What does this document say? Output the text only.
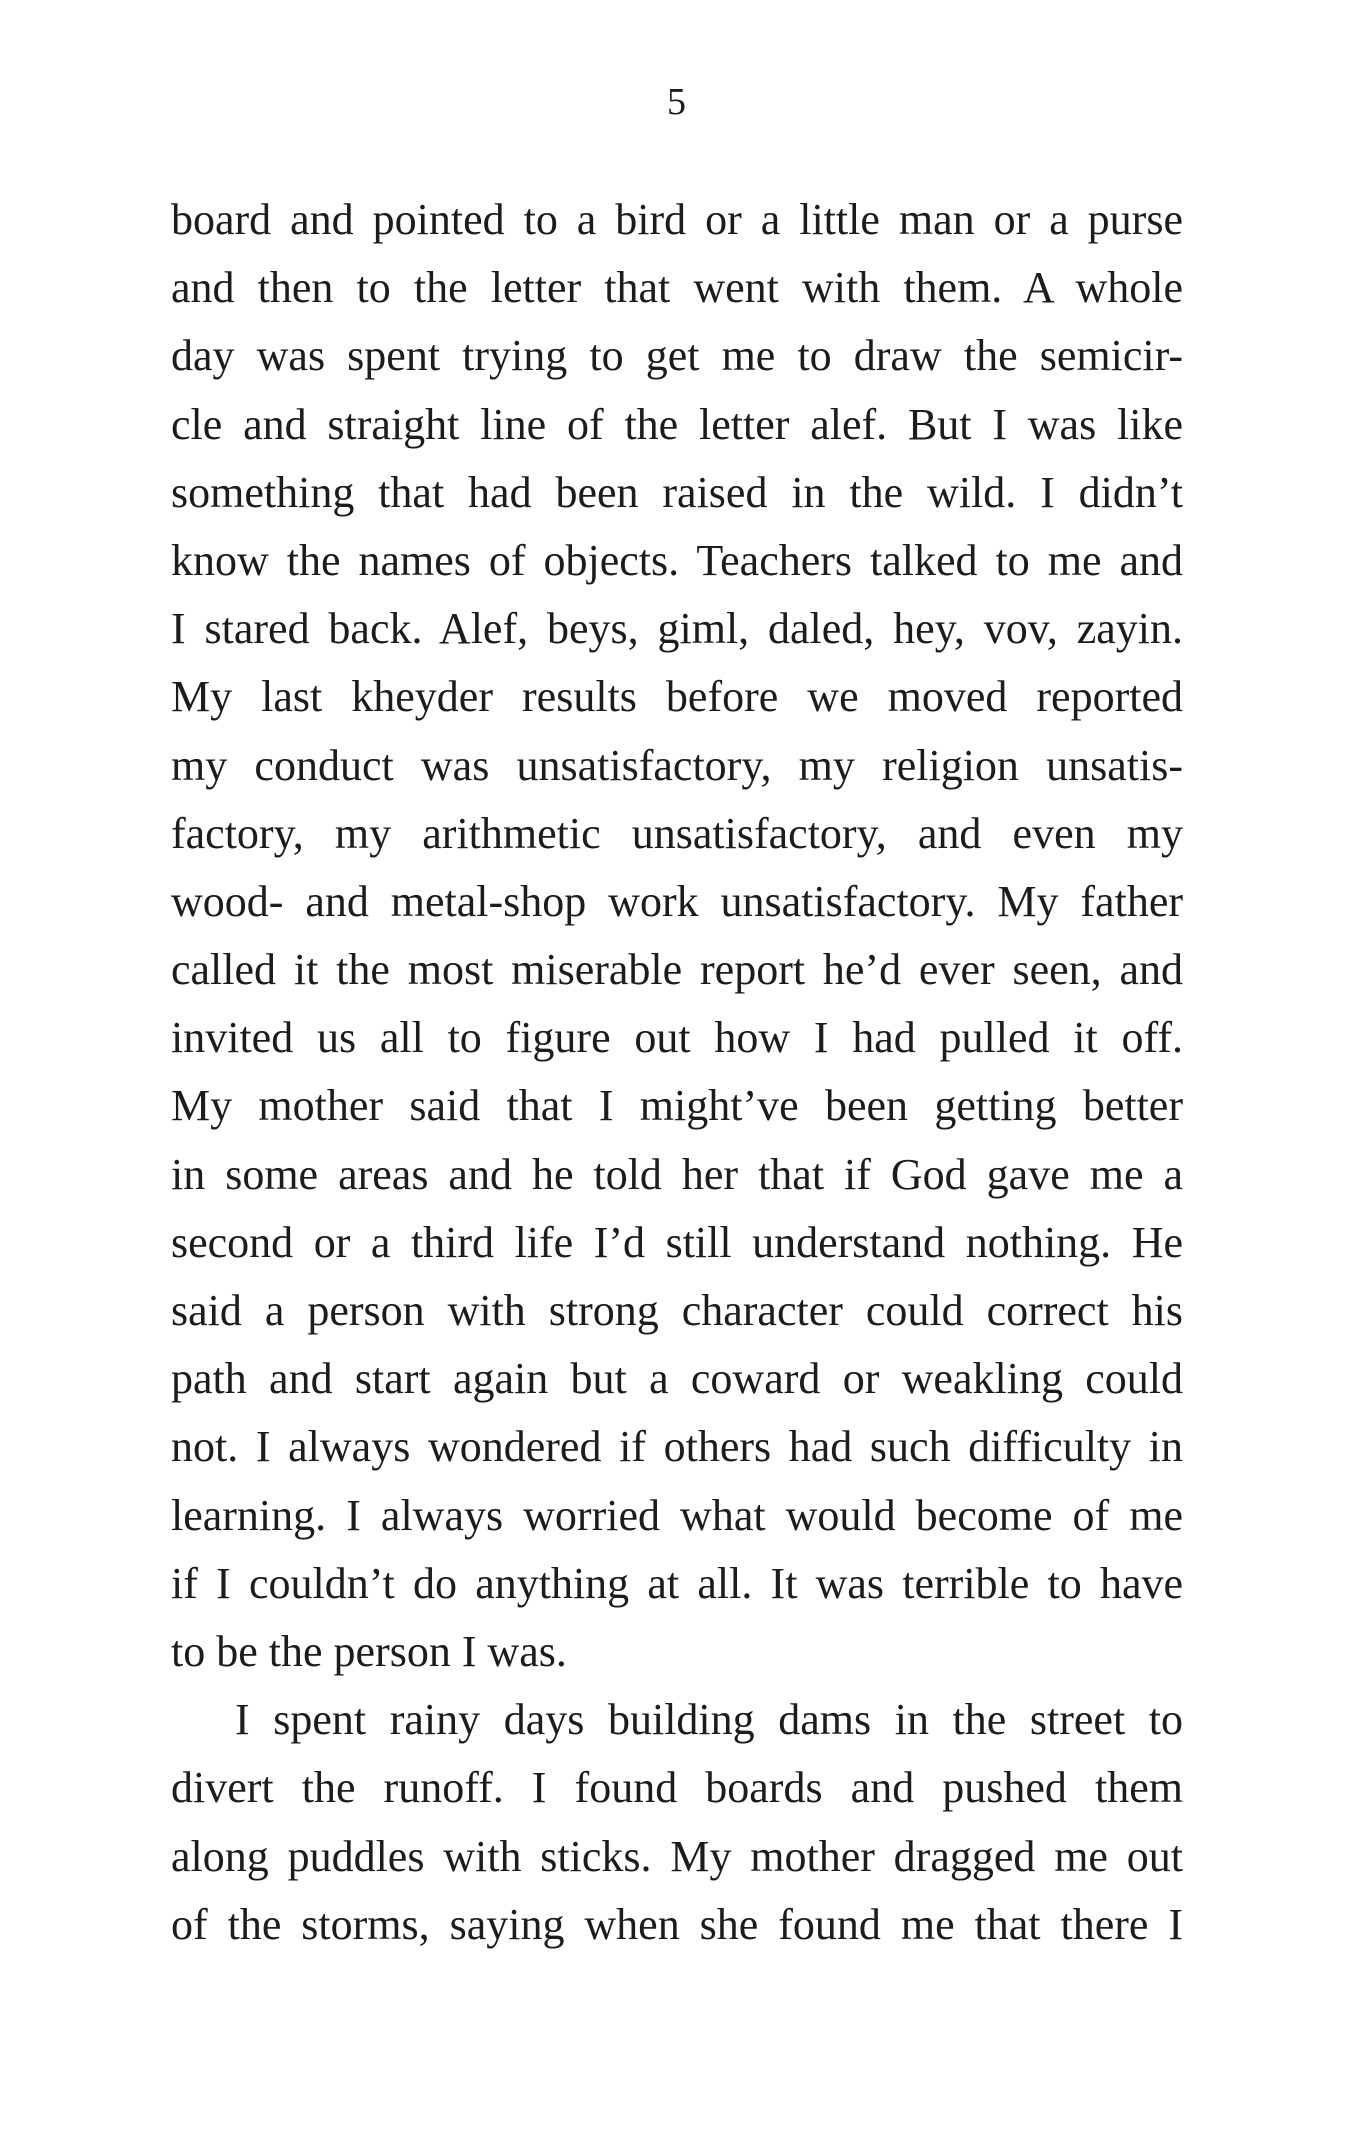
5
board and pointed to a bird or a little man or a purse
and then to the letter that went with them. A whole
day was spent trying to get me to draw the semicir-
cle and straight line of the letter alef. But I was like
something that had been raised in the wild. I didn’t
know the names of objects. Teachers talked to me and
I stared back. Alef, beys, giml, daled, hey, vov, zayin.
My last kheyder results before we moved reported
my conduct was unsatisfactory, my religion unsatis-
factory, my arithmetic unsatisfactory, and even my
wood- and metal-shop work unsatisfactory. My father
called it the most miserable report he’d ever seen, and
invited us all to figure out how I had pulled it off.
My mother said that I might’ve been getting better
in some areas and he told her that if God gave me a
second or a third life I’d still understand nothing. He
said a person with strong character could correct his
path and start again but a coward or weakling could
not. I always wondered if others had such difficulty in
learning. I always worried what would become of me
if I couldn’t do anything at all. It was terrible to have
to be the person I was.
I spent rainy days building dams in the street to
divert the runoff. I found boards and pushed them
along puddles with sticks. My mother dragged me out
of the storms, saying when she found me that there I
